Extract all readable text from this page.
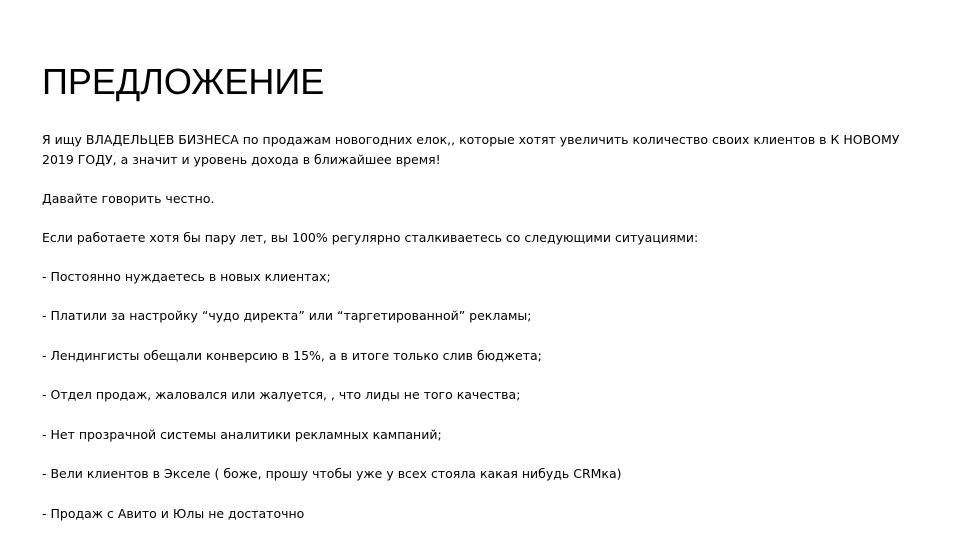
ПРЕДЛОЖЕНИЕ

Я ищу ВЛАДЕЛЬЦЕВ БИЗНЕСА по продажам новогодних елок,, которые хотят увеличить количество своих клиентов в К НОВОМУ 2019 ГОДУ, а значит и уровень дохода в ближайшее время!

Давайте говорить честно.

Если работаете хотя бы пару лет, вы 100% регулярно сталкиваетесь со следующими ситуациями:

- Постоянно нуждаетесь в новых клиентах;

- Платили за настройку “чудо директа” или “таргетированной” рекламы;

- Лендингисты обещали конверсию в 15%, а в итоге только слив бюджета;

- Отдел продаж, жаловался или жалуется, , что лиды не того качества;

- Нет прозрачной системы аналитики рекламных кампаний;

- Вели клиентов в Экселе ( боже, прошу чтобы уже у всех стояла какая нибудь CRMка)

- Продаж с Авито и Юлы не достаточно
